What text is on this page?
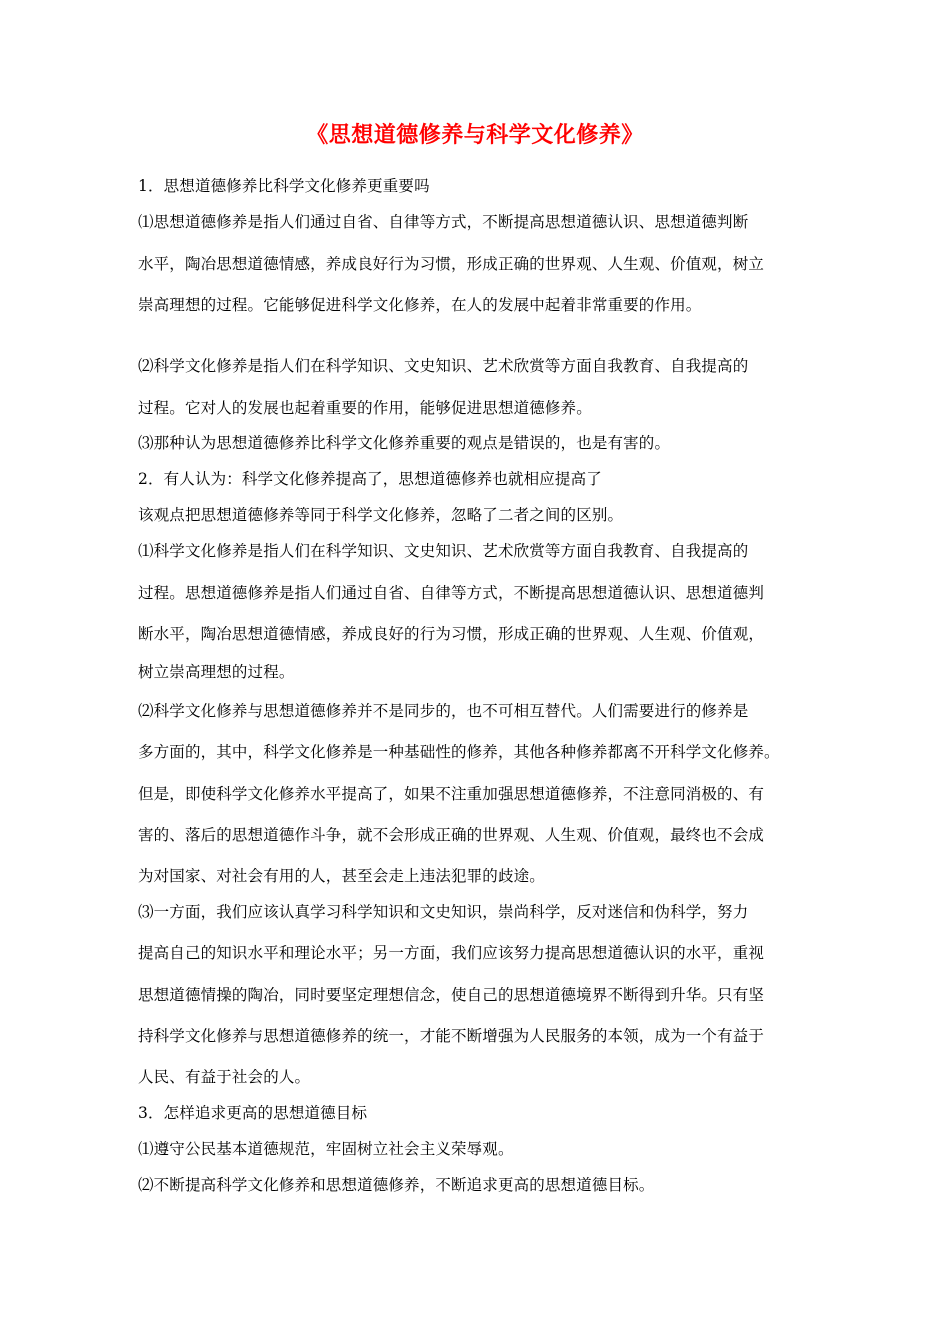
《思想道德修养与科学文化修养》
1．思想道德修养比科学文化修养更重要吗
⑴思想道德修养是指人们通过自省、自律等方式，不断提高思想道德认识、思想道德判断
水平，陶冶思想道德情感，养成良好行为习惯，形成正确的世界观、人生观、价值观，树立
崇高理想的过程。它能够促进科学文化修养，在人的发展中起着非常重要的作用。
⑵科学文化修养是指人们在科学知识、文史知识、艺术欣赏等方面自我教育、自我提高的
过程。它对人的发展也起着重要的作用，能够促进思想道德修养。
⑶那种认为思想道德修养比科学文化修养重要的观点是错误的，也是有害的。
2．有人认为：科学文化修养提高了，思想道德修养也就相应提高了
该观点把思想道德修养等同于科学文化修养，忽略了二者之间的区别。
⑴科学文化修养是指人们在科学知识、文史知识、艺术欣赏等方面自我教育、自我提高的
过程。思想道德修养是指人们通过自省、自律等方式，不断提高思想道德认识、思想道德判
断水平，陶冶思想道德情感，养成良好的行为习惯，形成正确的世界观、人生观、价值观，
树立崇高理想的过程。
⑵科学文化修养与思想道德修养并不是同步的，也不可相互替代。人们需要进行的修养是
多方面的，其中，科学文化修养是一种基础性的修养，其他各种修养都离不开科学文化修养。
但是，即使科学文化修养水平提高了，如果不注重加强思想道德修养，不注意同消极的、有
害的、落后的思想道德作斗争，就不会形成正确的世界观、人生观、价值观，最终也不会成
为对国家、对社会有用的人，甚至会走上违法犯罪的歧途。
⑶一方面，我们应该认真学习科学知识和文史知识，崇尚科学，反对迷信和伪科学，努力
提高自己的知识水平和理论水平；另一方面，我们应该努力提高思想道德认识的水平，重视
思想道德情操的陶冶，同时要坚定理想信念，使自己的思想道德境界不断得到升华。只有坚
持科学文化修养与思想道德修养的统一，才能不断增强为人民服务的本领，成为一个有益于
人民、有益于社会的人。
3．怎样追求更高的思想道德目标
⑴遵守公民基本道德规范，牢固树立社会主义荣辱观。
⑵不断提高科学文化修养和思想道德修养，不断追求更高的思想道德目标。
